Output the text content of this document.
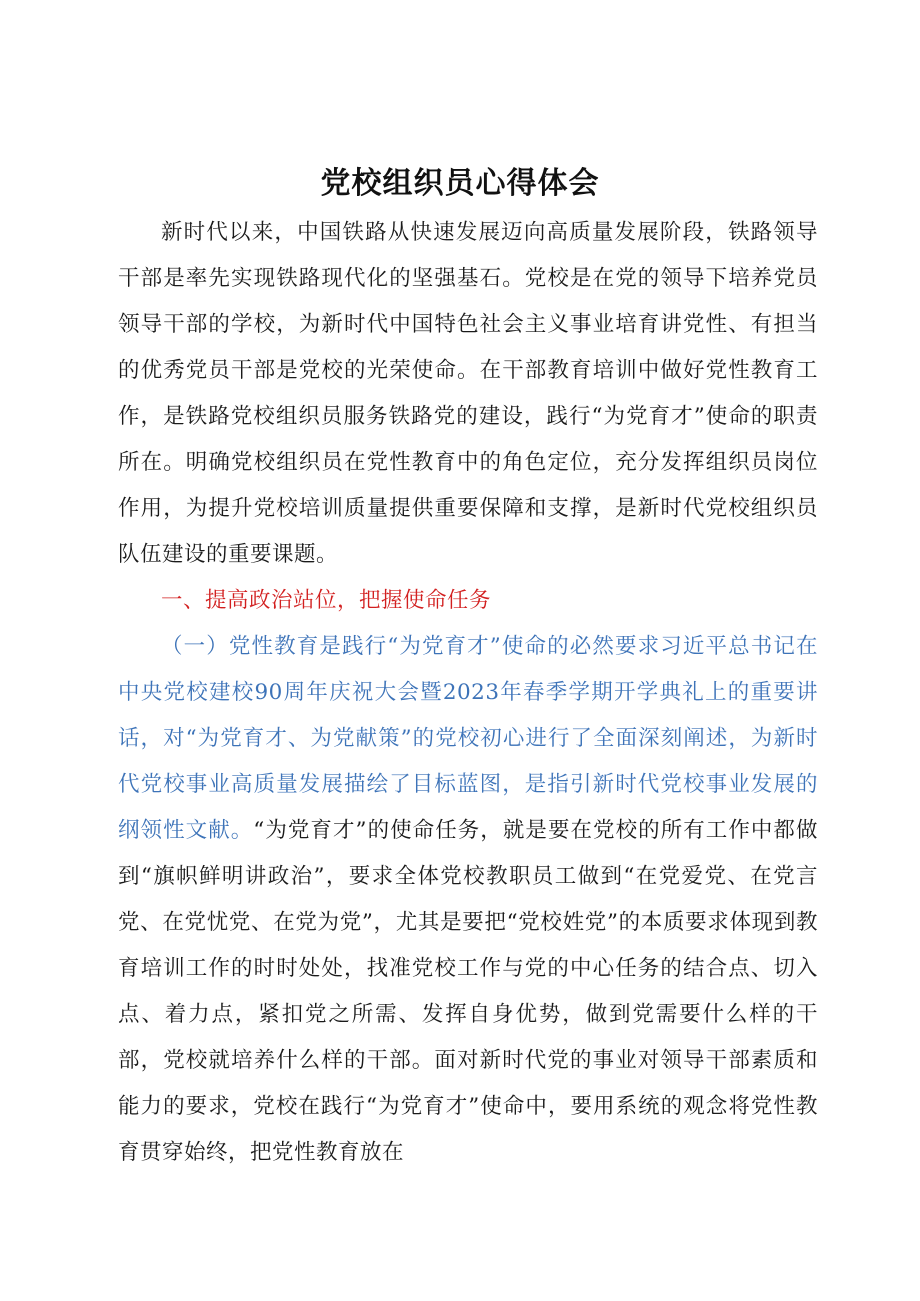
党校组织员心得体会

新时代以来，中国铁路从快速发展迈向高质量发展阶段，铁路领导干部是率先实现铁路现代化的坚强基石。党校是在党的领导下培养党员领导干部的学校，为新时代中国特色社会主义事业培育讲党性、有担当的优秀党员干部是党校的光荣使命。在干部教育培训中做好党性教育工作，是铁路党校组织员服务铁路党的建设，践行“为党育才”使命的职责所在。明确党校组织员在党性教育中的角色定位，充分发挥组织员岗位作用，为提升党校培训质量提供重要保障和支撑，是新时代党校组织员队伍建设的重要课题。

一、提高政治站位，把握使命任务

（一）党性教育是践行“为党育才”使命的必然要求习近平总书记在中央党校建校90周年庆祝大会暨2023年春季学期开学典礼上的重要讲话，对“为党育才、为党献策”的党校初心进行了全面深刻阐述，为新时代党校事业高质量发展描绘了目标蓝图，是指引新时代党校事业发展的纲领性文献。“为党育才”的使命任务，就是要在党校的所有工作中都做到“旗帜鲜明讲政治”，要求全体党校教职员工做到“在党爱党、在党言党、在党忧党、在党为党”，尤其是要把“党校姓党”的本质要求体现到教育培训工作的时时处处，找准党校工作与党的中心任务的结合点、切入点、着力点，紧扣党之所需、发挥自身优势，做到党需要什么样的干部，党校就培养什么样的干部。面对新时代党的事业对领导干部素质和能力的要求，党校在践行“为党育才”使命中，要用系统的观念将党性教育贯穿始终，把党性教育放在
